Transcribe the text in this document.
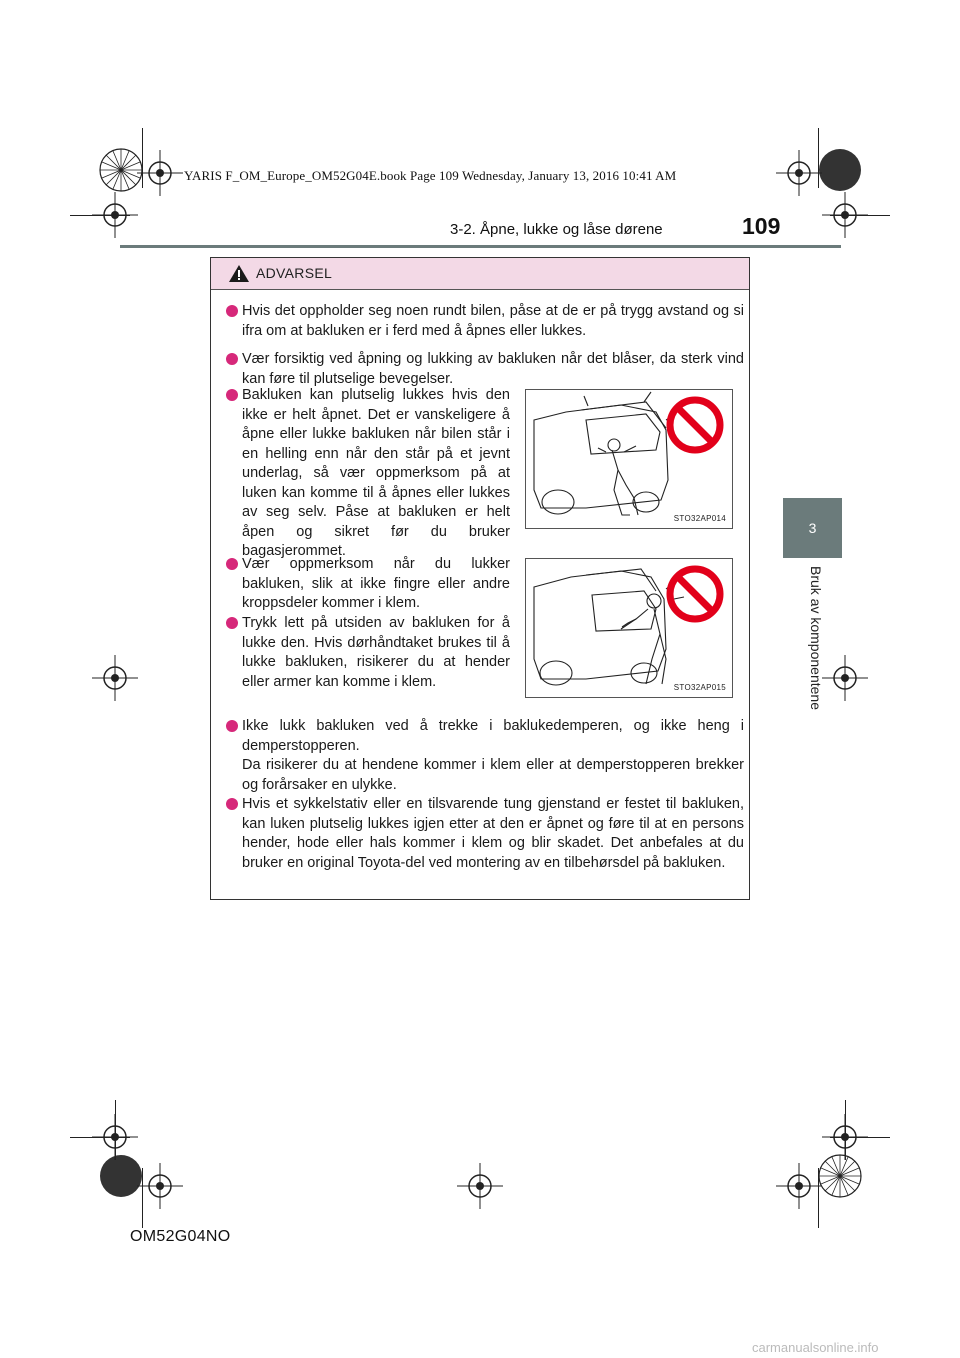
YARIS F_OM_Europe_OM52G04E.book Page 109 Wednesday, January 13, 2016 10:41 AM
3-2. Åpne, lukke og låse dørene	109
3
Bruk av komponentene
ADVARSEL
Hvis det oppholder seg noen rundt bilen, påse at de er på trygg avstand og si ifra om at bakluken er i ferd med å åpnes eller lukkes.
Vær forsiktig ved åpning og lukking av bakluken når det blåser, da sterk vind kan føre til plutselige bevegelser.
Bakluken kan plutselig lukkes hvis den ikke er helt åpnet. Det er vanskeligere å åpne eller lukke bakluken når bilen står i en helling enn når den står på et jevnt underlag, så vær oppmerksom på at luken kan komme til å åpnes eller lukkes av seg selv. Påse at bakluken er helt åpen og sikret før du bruker bagasjerommet.
Vær oppmerksom når du lukker bakluken, slik at ikke fingre eller andre kroppsdeler kommer i klem.
Trykk lett på utsiden av bakluken for å lukke den. Hvis dørhåndtaket brukes til å lukke bakluken, risikerer du at hender eller armer kan komme i klem.

Ikke lukk bakluken ved å trekke i baklukedemperen, og ikke heng i demperstopperen.
Da risikerer du at hendene kommer i klem eller at demperstopperen brekker og forårsaker en ulykke.

Hvis et sykkelstativ eller en tilsvarende tung gjenstand er festet til bakluken, kan luken plutselig lukkes igjen etter at den er åpnet og føre til at en persons hender, hode eller hals kommer i klem og blir skadet. Det anbefales at du bruker en original Toyota-del ved montering av en tilbehørsdel på bakluken.
STO32AP014
STO32AP015
OM52G04NO
carmanualsonline.info
